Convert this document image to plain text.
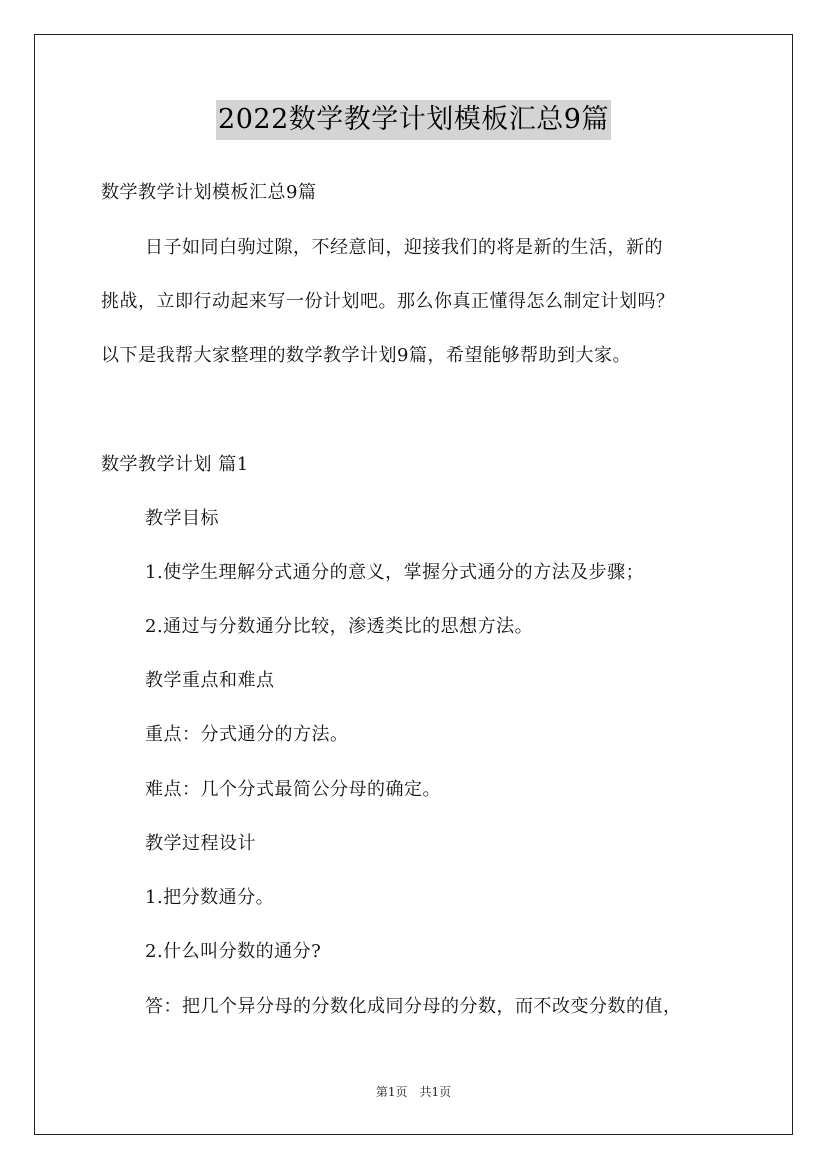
2022数学教学计划模板汇总9篇
数学教学计划模板汇总9篇
日子如同白驹过隙，不经意间，迎接我们的将是新的生活，新的
挑战，立即行动起来写一份计划吧。那么你真正懂得怎么制定计划吗？
以下是我帮大家整理的数学教学计划9篇，希望能够帮助到大家。
数学教学计划 篇1
教学目标
1.使学生理解分式通分的意义，掌握分式通分的方法及步骤；
2.通过与分数通分比较，渗透类比的思想方法。
教学重点和难点
重点：分式通分的方法。
难点：几个分式最简公分母的确定。
教学过程设计
1.把分数通分。
2.什么叫分数的通分?
答：把几个异分母的分数化成同分母的分数，而不改变分数的值，
第1页　共1页
